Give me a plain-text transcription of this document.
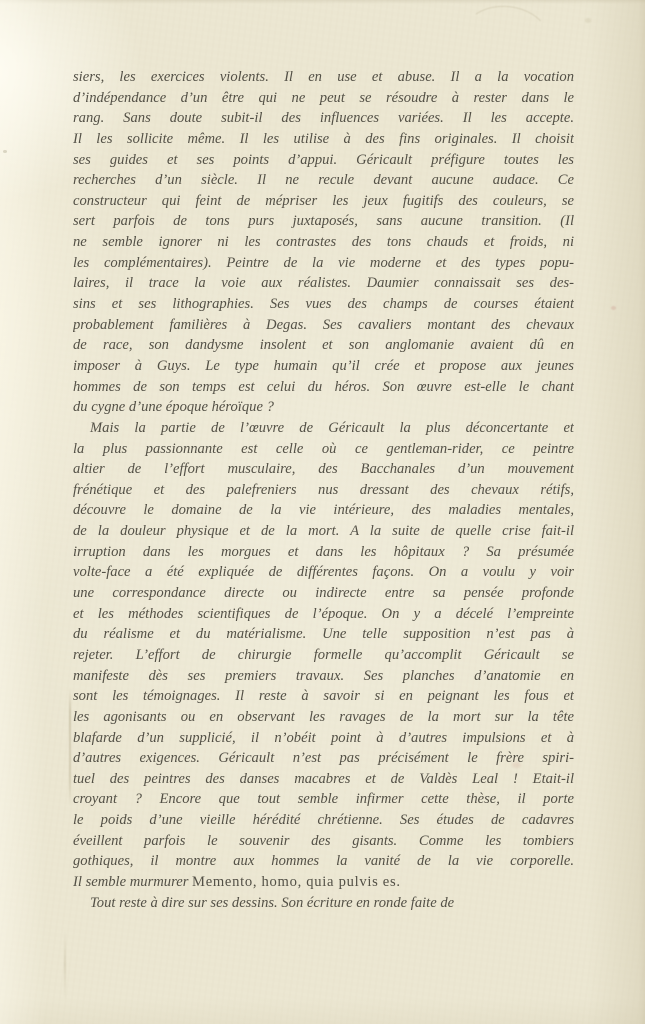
siers, les exercices violents. Il en use et abuse. Il a la vocation
d’indépendance d’un être qui ne peut se résoudre à rester dans le
rang. Sans doute subit-il des influences variées. Il les accepte.
Il les sollicite même. Il les utilise à des fins originales. Il choisit
ses guides et ses points d’appui. Géricault préfigure toutes les
recherches d’un siècle. Il ne recule devant aucune audace. Ce
constructeur qui feint de mépriser les jeux fugitifs des couleurs, se
sert parfois de tons purs juxtaposés, sans aucune transition. (Il
ne semble ignorer ni les contrastes des tons chauds et froids, ni
les complémentaires). Peintre de la vie moderne et des types popu-
laires, il trace la voie aux réalistes. Daumier connaissait ses des-
sins et ses lithographies. Ses vues des champs de courses étaient
probablement familières à Degas. Ses cavaliers montant des chevaux
de race, son dandysme insolent et son anglomanie avaient dû en
imposer à Guys. Le type humain qu’il crée et propose aux jeunes
hommes de son temps est celui du héros. Son œuvre est-elle le chant
du cygne d’une époque héroïque ?
Mais la partie de l’œuvre de Géricault la plus déconcertante et
la plus passionnante est celle où ce gentleman-rider, ce peintre
altier de l’effort musculaire, des Bacchanales d’un mouvement
frénétique et des palefreniers nus dressant des chevaux rétifs,
découvre le domaine de la vie intérieure, des maladies mentales,
de la douleur physique et de la mort. A la suite de quelle crise fait-il
irruption dans les morgues et dans les hôpitaux ? Sa présumée
volte-face a été expliquée de différentes façons. On a voulu y voir
une correspondance directe ou indirecte entre sa pensée profonde
et les méthodes scientifiques de l’époque. On y a décelé l’empreinte
du réalisme et du matérialisme. Une telle supposition n’est pas à
rejeter. L’effort de chirurgie formelle qu’accomplit Géricault se
manifeste dès ses premiers travaux. Ses planches d’anatomie en
sont les témoignages. Il reste à savoir si en peignant les fous et
les agonisants ou en observant les ravages de la mort sur la tête
blafarde d’un supplicié, il n’obéit point à d’autres impulsions et à
d’autres exigences. Géricault n’est pas précisément le frère spiri-
tuel des peintres des danses macabres et de Valdès Leal ! Etait-il
croyant ? Encore que tout semble infirmer cette thèse, il porte
le poids d’une vieille hérédité chrétienne. Ses études de cadavres
éveillent parfois le souvenir des gisants. Comme les tombiers
gothiques, il montre aux hommes la vanité de la vie corporelle.
Il semble murmurer Memento, homo, quia pulvis es.
Tout reste à dire sur ses dessins. Son écriture en ronde faite de
